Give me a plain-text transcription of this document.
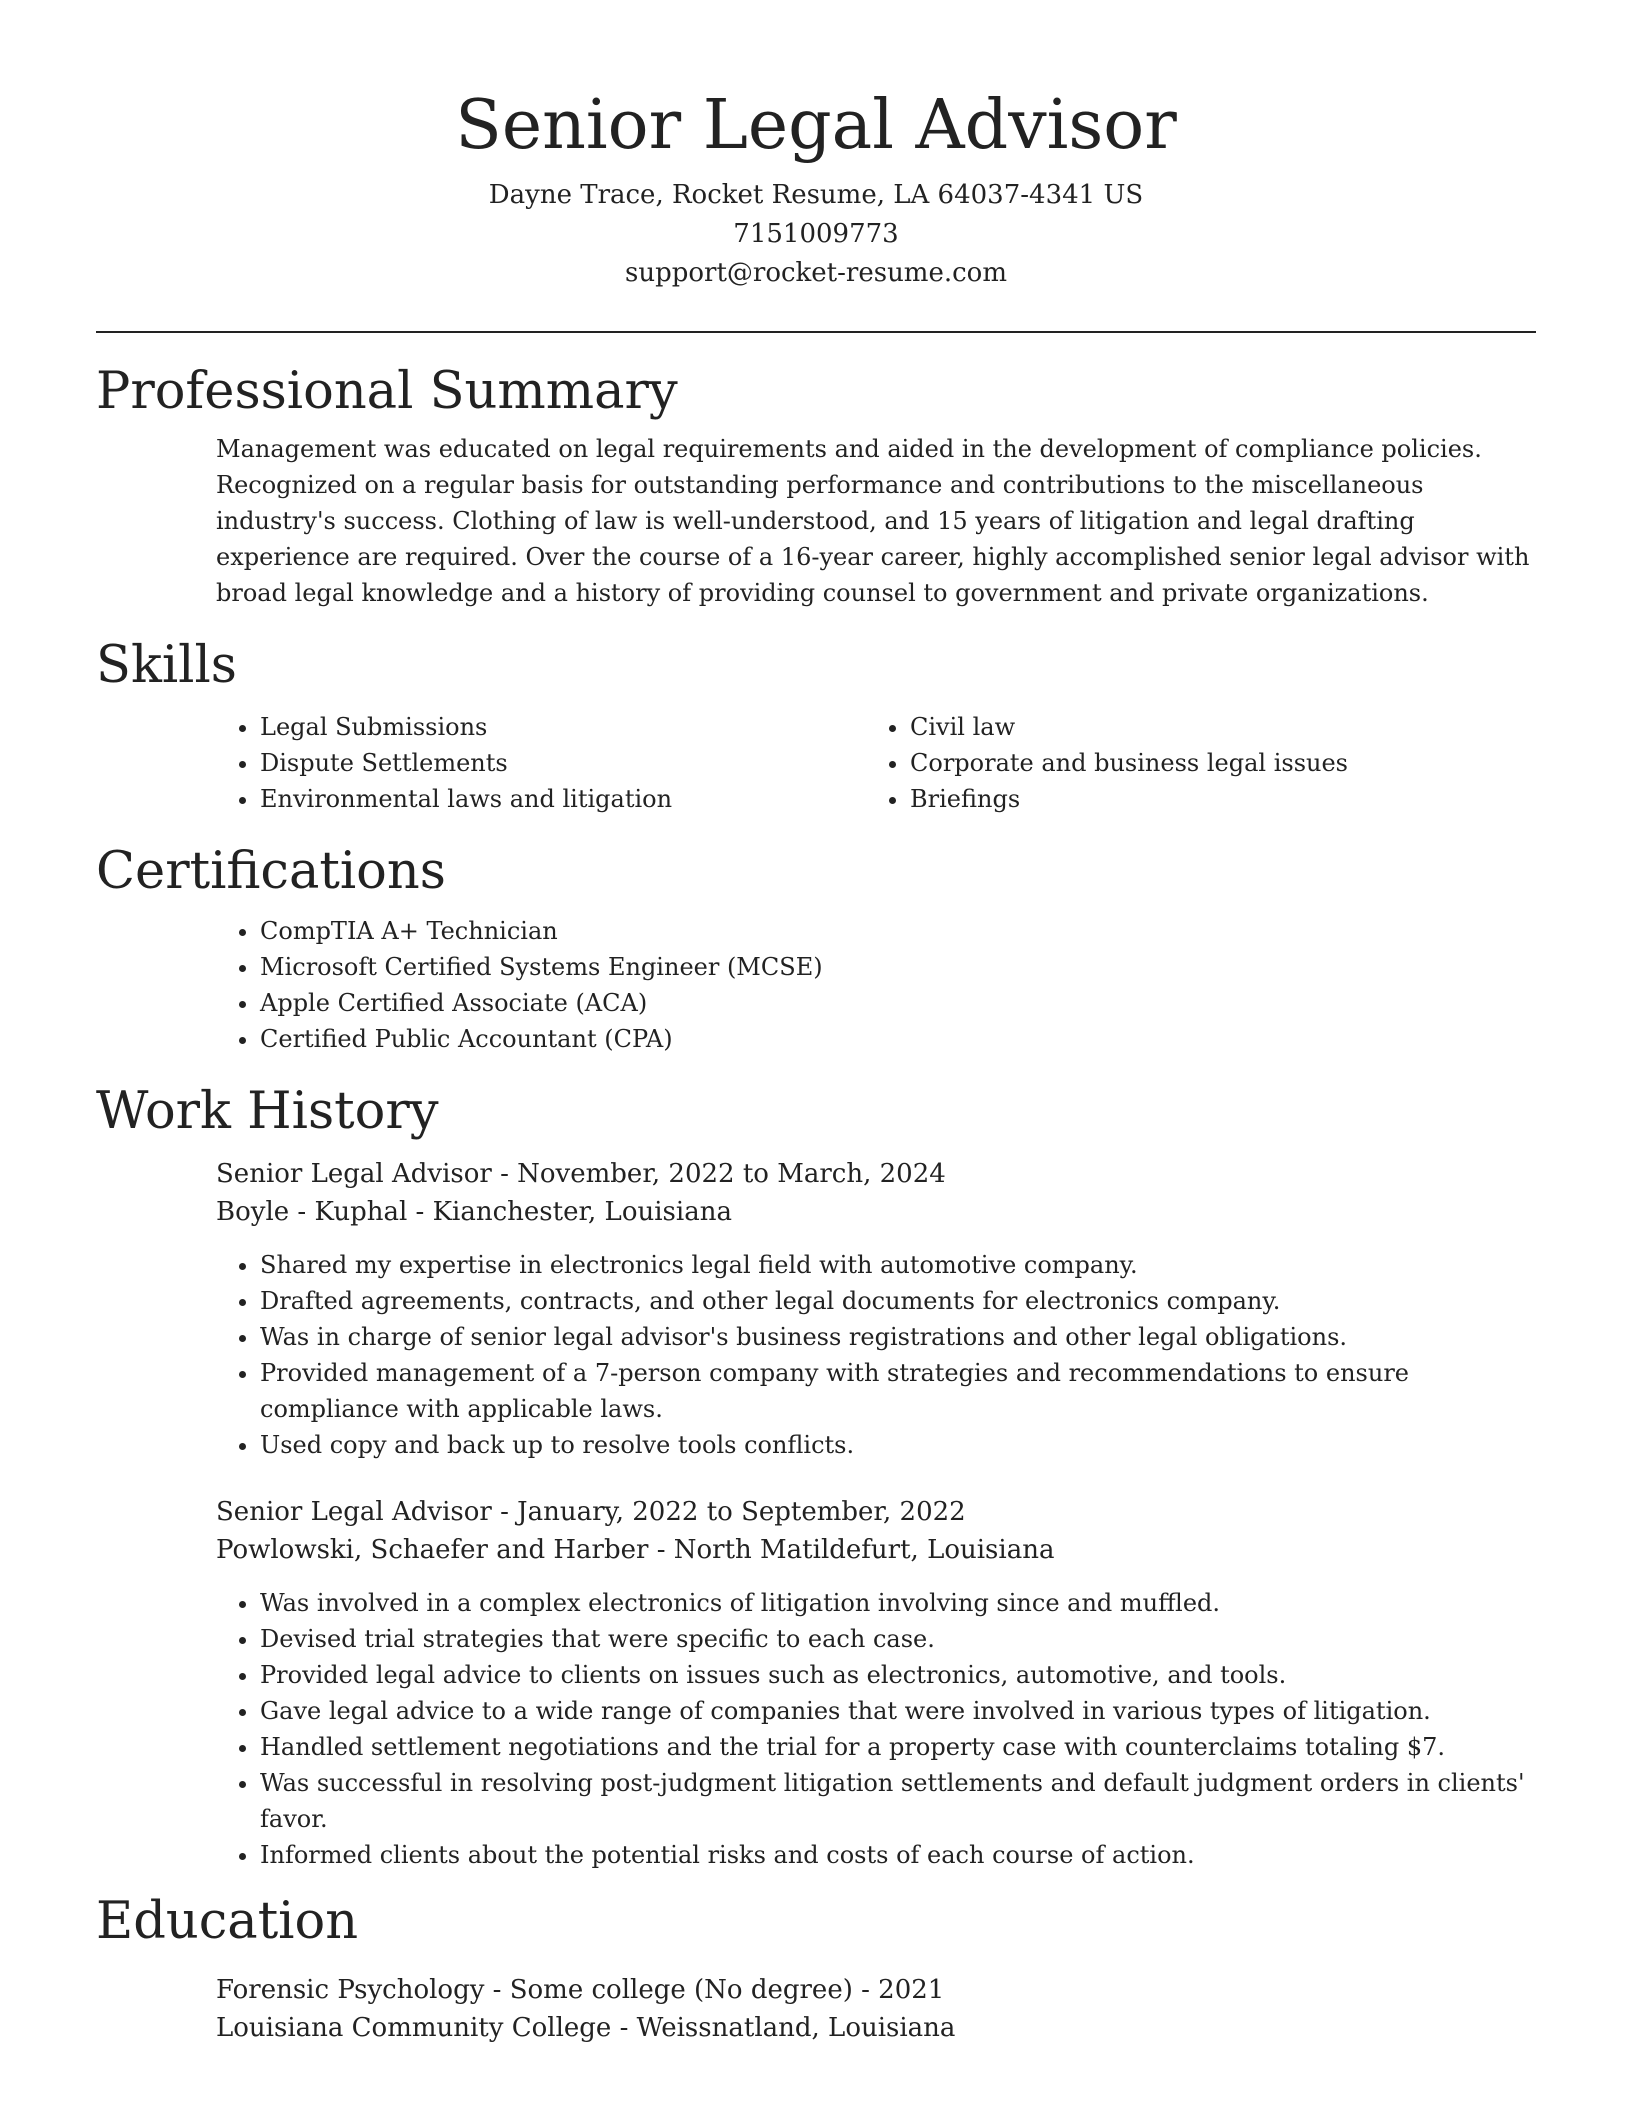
Senior Legal Advisor
Dayne Trace, Rocket Resume, LA 64037-4341 US
7151009773
support@rocket-resume.com
Professional Summary

Management was educated on legal requirements and aided in the development of compliance policies. Recognized on a regular basis for outstanding performance and contributions to the miscellaneous industry's success. Clothing of law is well-understood, and 15 years of litigation and legal drafting experience are required. Over the course of a 16-year career, highly accomplished senior legal advisor with broad legal knowledge and a history of providing counsel to government and private organizations.

Skills
• Legal Submissions
• Dispute Settlements
• Environmental laws and litigation
• Civil law
• Corporate and business legal issues
• Briefings
Certifications
• CompTIA A+ Technician
• Microsoft Certified Systems Engineer (MCSE)
• Apple Certified Associate (ACA)
• Certified Public Accountant (CPA)
Work History
Senior Legal Advisor - November, 2022 to March, 2024
Boyle - Kuphal - Kianchester, Louisiana
• Shared my expertise in electronics legal field with automotive company.
• Drafted agreements, contracts, and other legal documents for electronics company.
• Was in charge of senior legal advisor's business registrations and other legal obligations.
• Provided management of a 7-person company with strategies and recommendations to ensure compliance with applicable laws.
• Used copy and back up to resolve tools conflicts.
Senior Legal Advisor - January, 2022 to September, 2022
Powlowski, Schaefer and Harber - North Matildefurt, Louisiana
• Was involved in a complex electronics of litigation involving since and muffled.
• Devised trial strategies that were specific to each case.
• Provided legal advice to clients on issues such as electronics, automotive, and tools.
• Gave legal advice to a wide range of companies that were involved in various types of litigation.
• Handled settlement negotiations and the trial for a property case with counterclaims totaling $7.
• Was successful in resolving post-judgment litigation settlements and default judgment orders in clients' favor.
• Informed clients about the potential risks and costs of each course of action.
Education
Forensic Psychology - Some college (No degree) - 2021
Louisiana Community College - Weissnatland, Louisiana
